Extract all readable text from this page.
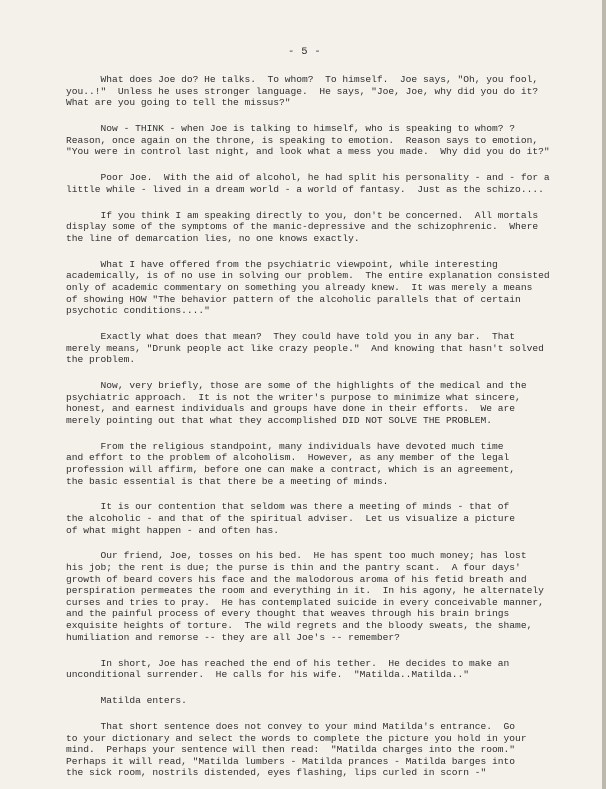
- 5 -
What does Joe do? He talks.  To whom?  To himself.  Joe says, "Oh, you fool,
you..!"  Unless he uses stronger language.  He says, "Joe, Joe, why did you do it?
What are you going to tell the missus?"
Now - THINK - when Joe is talking to himself, who is speaking to whom? ?
Reason, once again on the throne, is speaking to emotion.  Reason says to emotion,
"You were in control last night, and look what a mess you made.  Why did you do it?"
Poor Joe.  With the aid of alcohol, he had split his personality - and - for a
little while - lived in a dream world - a world of fantasy.  Just as the schizo....
If you think I am speaking directly to you, don't be concerned.  All mortals
display some of the symptoms of the manic-depressive and the schizophrenic.  Where
the line of demarcation lies, no one knows exactly.
What I have offered from the psychiatric viewpoint, while interesting
academically, is of no use in solving our problem.  The entire explanation consisted
only of academic commentary on something you already knew.  It was merely a means
of showing HOW "The behavior pattern of the alcoholic parallels that of certain
psychotic conditions...."
Exactly what does that mean?  They could have told you in any bar.  That
merely means, "Drunk people act like crazy people."  And knowing that hasn't solved
the problem.
Now, very briefly, those are some of the highlights of the medical and the
psychiatric approach.  It is not the writer's purpose to minimize what sincere,
honest, and earnest individuals and groups have done in their efforts.  We are
merely pointing out that what they accomplished DID NOT SOLVE THE PROBLEM.
From the religious standpoint, many individuals have devoted much time
and effort to the problem of alcoholism.  However, as any member of the legal
profession will affirm, before one can make a contract, which is an agreement,
the basic essential is that there be a meeting of minds.
It is our contention that seldom was there a meeting of minds - that of
the alcoholic - and that of the spiritual adviser.  Let us visualize a picture
of what might happen - and often has.
Our friend, Joe, tosses on his bed.  He has spent too much money; has lost
his job; the rent is due; the purse is thin and the pantry scant.  A four days'
growth of beard covers his face and the malodorous aroma of his fetid breath and
perspiration permeates the room and everything in it.  In his agony, he alternately
curses and tries to pray.  He has contemplated suicide in every conceivable manner,
and the painful process of every thought that weaves through his brain brings
exquisite heights of torture.  The wild regrets and the bloody sweats, the shame,
humiliation and remorse -- they are all Joe's -- remember?
In short, Joe has reached the end of his tether.  He decides to make an
unconditional surrender.  He calls for his wife.  "Matilda..Matilda.."
Matilda enters.
That short sentence does not convey to your mind Matilda's entrance.  Go
to your dictionary and select the words to complete the picture you hold in your
mind.  Perhaps your sentence will then read:  "Matilda charges into the room."
Perhaps it will read, "Matilda lumbers - Matilda prances - Matilda barges into
the sick room, nostrils distended, eyes flashing, lips curled in scorn -"
